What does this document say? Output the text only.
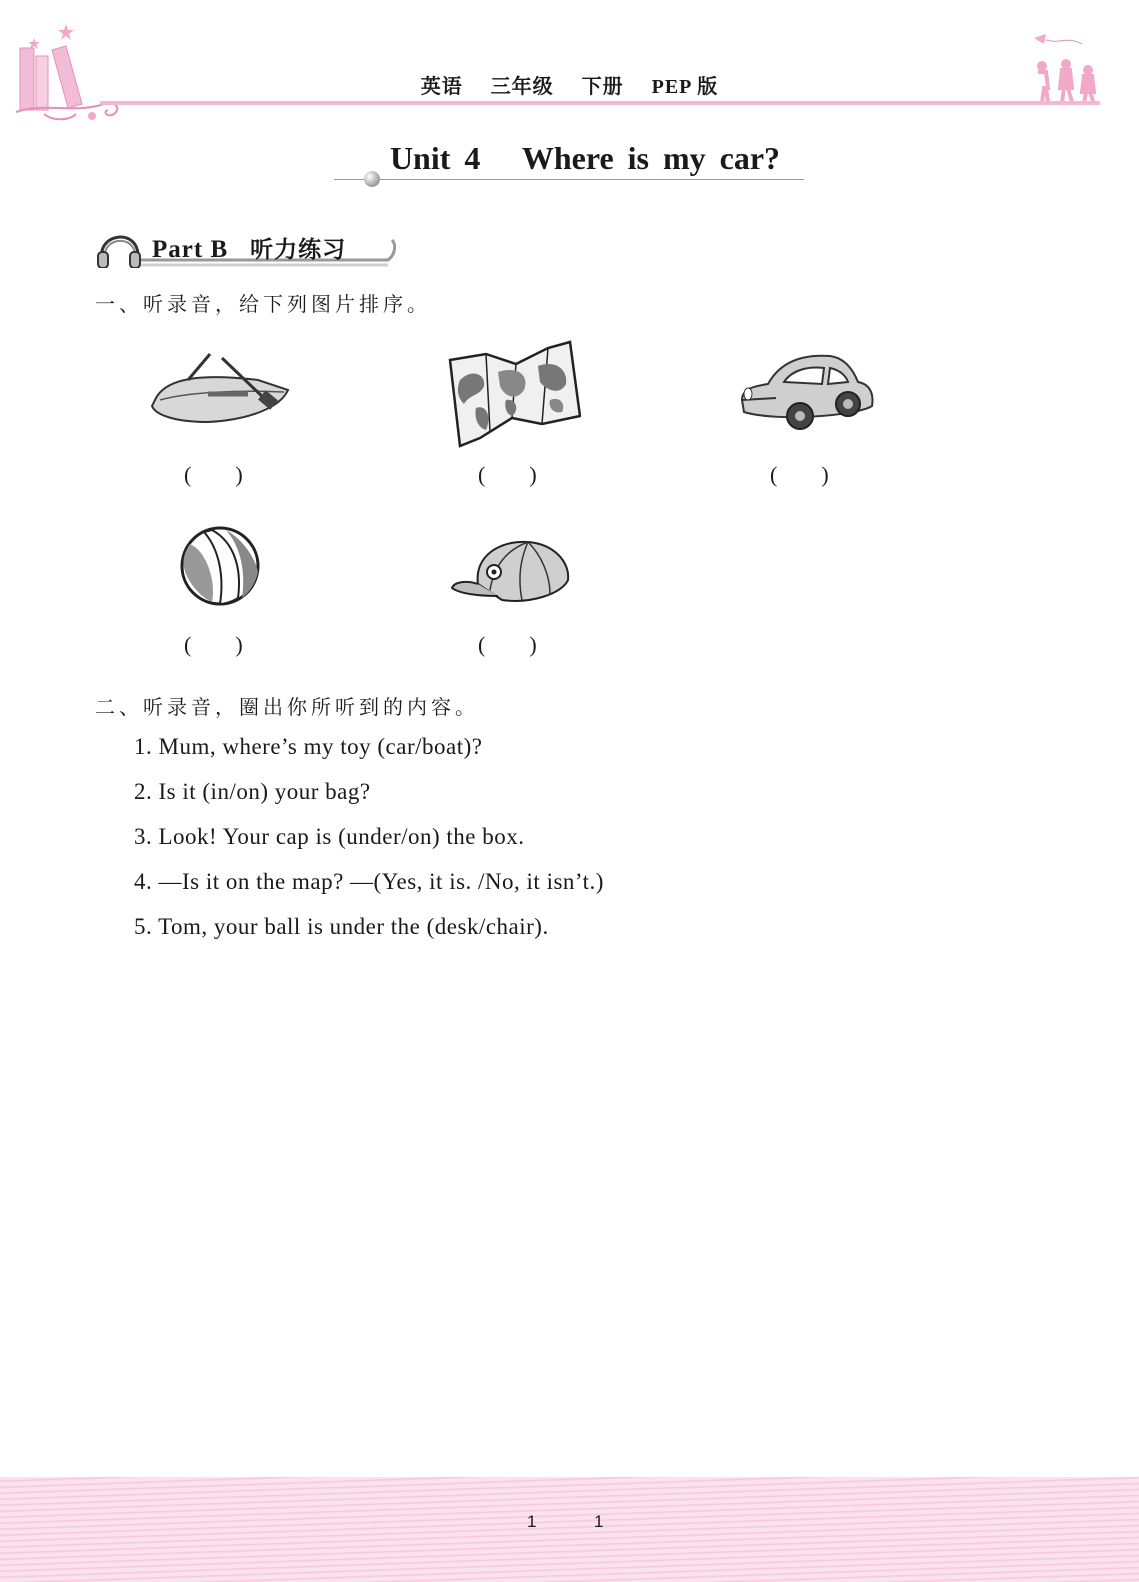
英语 三年级 下册 PEP 版
Unit 4   Where is my car?
Part B 听力练习
一、听录音，给下列图片排序。
(        )	(        )	(        )
(        )	(        )
二、听录音，圈出你所听到的内容。
1. Mum, where’s my toy (car/boat)?
2. Is it (in/on) your bag?
3. Look! Your cap is (under/on) the box.
4. —Is it on the map? —(Yes, it is. /No, it isn’t.)
5. Tom, your ball is under the (desk/chair).
1	1
